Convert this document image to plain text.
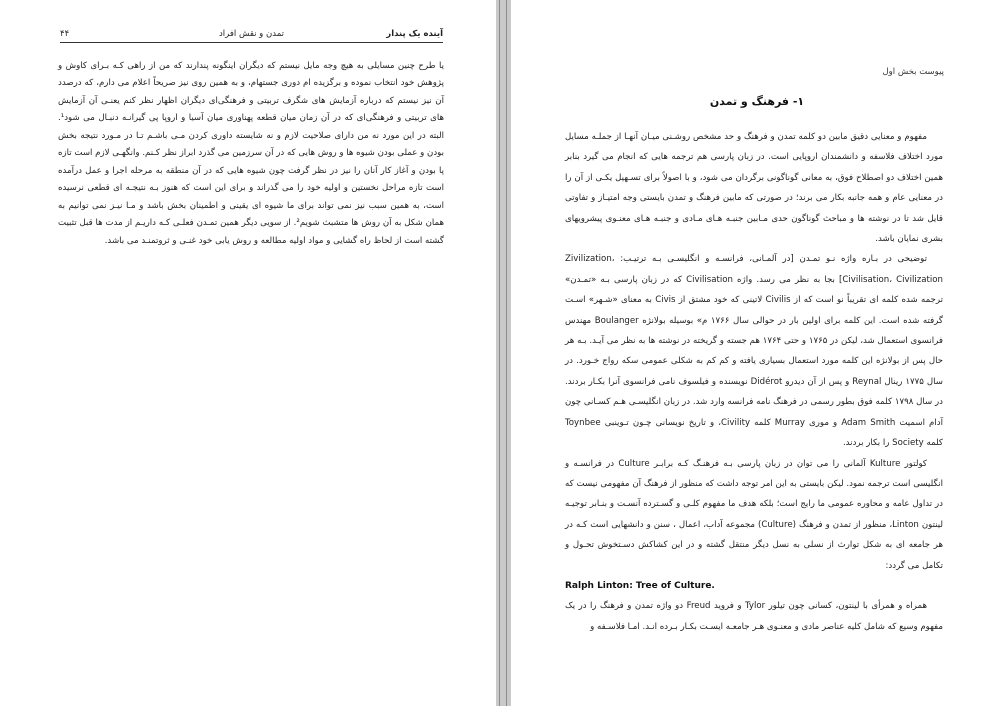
۴۴	تمدن و نقش افراد	آینده یک پندار

یا طرح چنین مسایلی به هیچ وجه مایل نیستم که دیگران اینگونه پندارند که من از راهی کـه بـرای کاوش و پژوهش خود انتخاب نموده و برگزیده ام دوری جستهام، و به همین روی نیز صریحاً اعلام می دارم، که درصدد آن نیز نیستم که درباره آزمایش های شگرف تربیتی و فرهنگی‌ای دیگران اظهار نظر کنم یعنـی آن آزمایش های تربیتی و فرهنگی‌ای که در آن زمان میان قطعه پهناوری میان آسیا و اروپا پی گیرانـه دنبـال می شود¹. البته در این مورد نه من دارای صلاحیت لازم و نه شایسته داوری کردن مـی باشـم تـا در مـورد نتیجه بخش بودن و عملی بودن شیوه ها و روش هایی که در آن سرزمین می گذرد ابراز نظر کـنم. وانگهـی لازم است تازه پا بودن و آغاز کار آنان را نیز در نظر گرفت چون شیوه هایی که در آن منطقه به مرحله اجرا و عمل درآمده است تازه مراحل نخستین و اولیه خود را می گذراند و برای این است که هنوز بـه نتیجـه ای قطعی نرسیده است، به همین سبب نیز نمی تواند برای ما شیوه ای یقینی و اطمینان بخش باشد و مـا نیـز نمی توانیم به همان شکل به آن روش ها متشبث شویم². از سویی دیگر همین تمـدن فعلـی کـه داریـم از مدت ها قبل تثبیت گشته است از لحاظ راه گشایی و مواد اولیه مطالعه و روش یابی خود غنـی و ثروتمنـد می باشد.

پیوست بخش اول
۱- فرهنگ و تمدن

مفهوم و معنایی دقیق مابین دو کلمه تمدن و فرهنگ و حد مشخص روشـنی میـان آنهـا از جملـه مسایل مورد اختلاف فلاسفه و دانشمندان اروپایی است. در زبان پارسی هم ترجمه هایی که انجام می گیرد بنابر همین اختلاف دو اصطلاح فوق، به معانی گوناگونی برگردان می شود، و با اصولاً برای تسـهیل یکـی از آن را در معنایی عام و همه جانبه بکار می برند؛ در صورتی که مابین فرهنگ و تمدن بایستی وجه امتیـاز و تفاوتی قایل شد تا در نوشته ها و مباحث گوناگون حدی مـابین جنبـه هـای مـادی و جنبـه هـای معنـوی پیشرویهای بشری نمایان باشد.

توضیحی در بـاره واژه نـو تمـدن [در آلمـانی، فرانسـه و انگلیسـی بـه ترتیـب: Zivilization، Civilisation، Civilization] بجا به نظر می رسد. واژه Civilisation که در زبان پارسی بـه «تمـدن» ترجمه شده کلمه ای تقریباً نو است که از Civilis لاتینی که خود مشتق از Civis به معنای «شـهر» اسـت گرفته شده است. این کلمه برای اولین بار در حوالی سال ۱۷۶۶ م» بوسیله بولانژه Boulanger مهندس فرانسوی استعمال شد، لیکن در ۱۷۶۵ و حتی ۱۷۶۴ هم جسته و گریخته در نوشته ها به نظر می آیـد. بـه هر حال پس از بولانژه این کلمه مورد استعمال بسیاری یافته و کم کم به شکلی عمومی سکه رواج خـورد. در سال ۱۷۷۵ رینال Reynal و پس از آن دیدرو Didérot نویسنده و فیلسوف نامی فرانسوی آنرا بکـار بردند. در سال ۱۷۹۸ کلمه فوق بطور رسمی در فرهنگ نامه فرانسه وارد شد. در زبان انگلیسـی هـم کسـانی چون آدام اسمیت Adam Smith و موری Murray کلمه Civility، و تاریخ نویسانی چـون تـوینبی Toynbee کلمه Society را بکار بردند.

کولتور Kulture آلمانی را می توان در زبان پارسی بـه فرهنـگ کـه برابـر Culture در فرانسـه و انگلیسی است ترجمه نمود. لیکن بایستی به این امر توجه داشت که منظور از فرهنگ آن مفهومی نیست که در تداول عامه و محاوره عمومی ما رایج است؛ بلکه هدف ما مفهوم کلـی و گسـترده آنسـت و بنـابر توجیـه لینتون Linton، منظور از تمدن و فرهنگ (Culture) مجموعه آداب، اعمال ، سنن و دانشهایی است کـه در هر جامعه ای به شکل توارث از نسلی به نسل دیگر منتقل گشته و در این کشاکش دسـتخوش تحـول و تکامل می گردد:

Ralph Linton: Tree of Culture.

همراه و همرأی با لینتون، کسانی چون تیلور Tylor و فروید Freud دو واژه تمدن و فرهنگ را در یک مفهوم وسیع که شامل کلیه عناصر مادی و معنـوی هـر جامعـه ایسـت بکـار بـرده انـد. امـا فلاسـفه و
